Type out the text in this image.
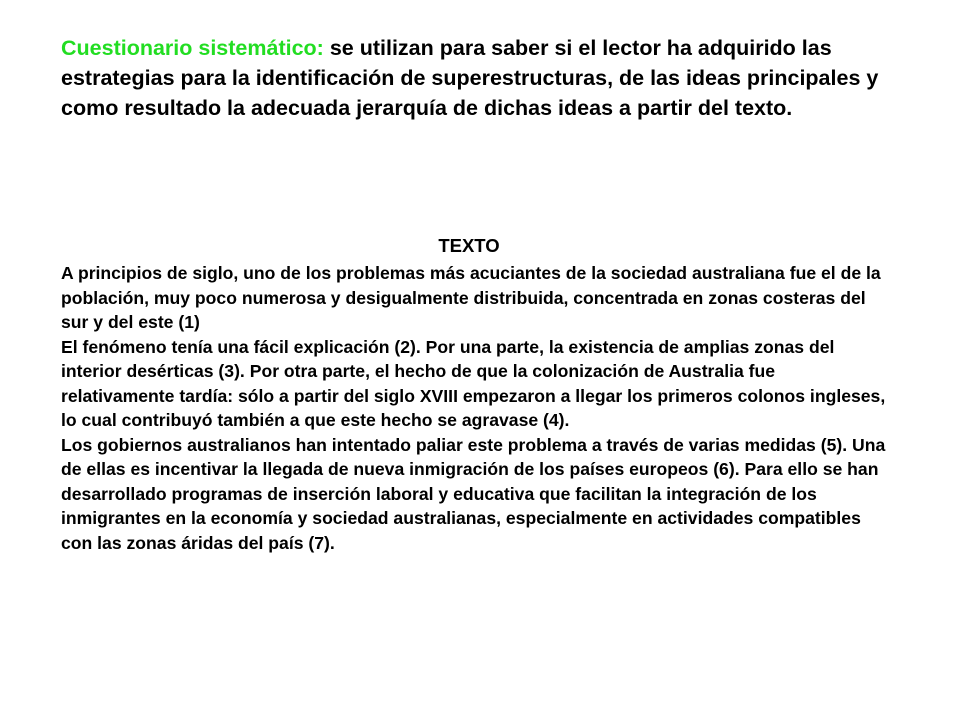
Cuestionario sistemático: se utilizan para saber si el lector ha adquirido las estrategias para la identificación de superestructuras, de las ideas principales y como resultado la adecuada jerarquía de dichas ideas a partir del texto.

TEXTO

A principios de siglo, uno de los problemas más acuciantes de la sociedad australiana fue el de la población, muy poco numerosa y desigualmente distribuida, concentrada en zonas costeras del sur y del este (1)

El fenómeno tenía una fácil explicación (2). Por una parte, la existencia de amplias zonas del interior desérticas (3). Por otra parte, el hecho de que la colonización de Australia fue relativamente tardía: sólo a partir del siglo XVIII empezaron a llegar los primeros colonos ingleses, lo cual contribuyó también a que este hecho se agravase (4).

Los gobiernos australianos han intentado paliar este problema a través de varias medidas (5). Una de ellas es incentivar la llegada de nueva inmigración de los países europeos (6). Para ello se han desarrollado programas de inserción laboral y educativa que facilitan la integración de los inmigrantes en la economía y sociedad australianas, especialmente en actividades compatibles con las zonas áridas del país (7).
